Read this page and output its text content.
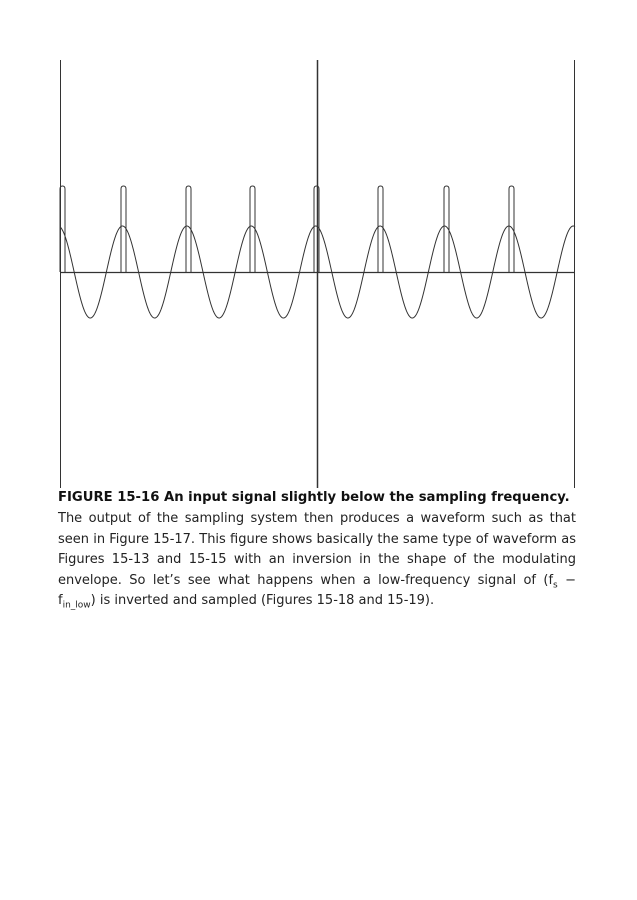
FIGURE 15-16 An input signal slightly below the sampling frequency.

The output of the sampling system then produces a waveform such as that seen in Figure 15-17. This figure shows basically the same type of waveform as Figures 15-13 and 15-15 with an inversion in the shape of the modulating envelope. So let’s see what happens when a low-frequency signal of $(f_s - f_{in\_low})$ is inverted and sampled (Figures 15-18 and 15-19).
